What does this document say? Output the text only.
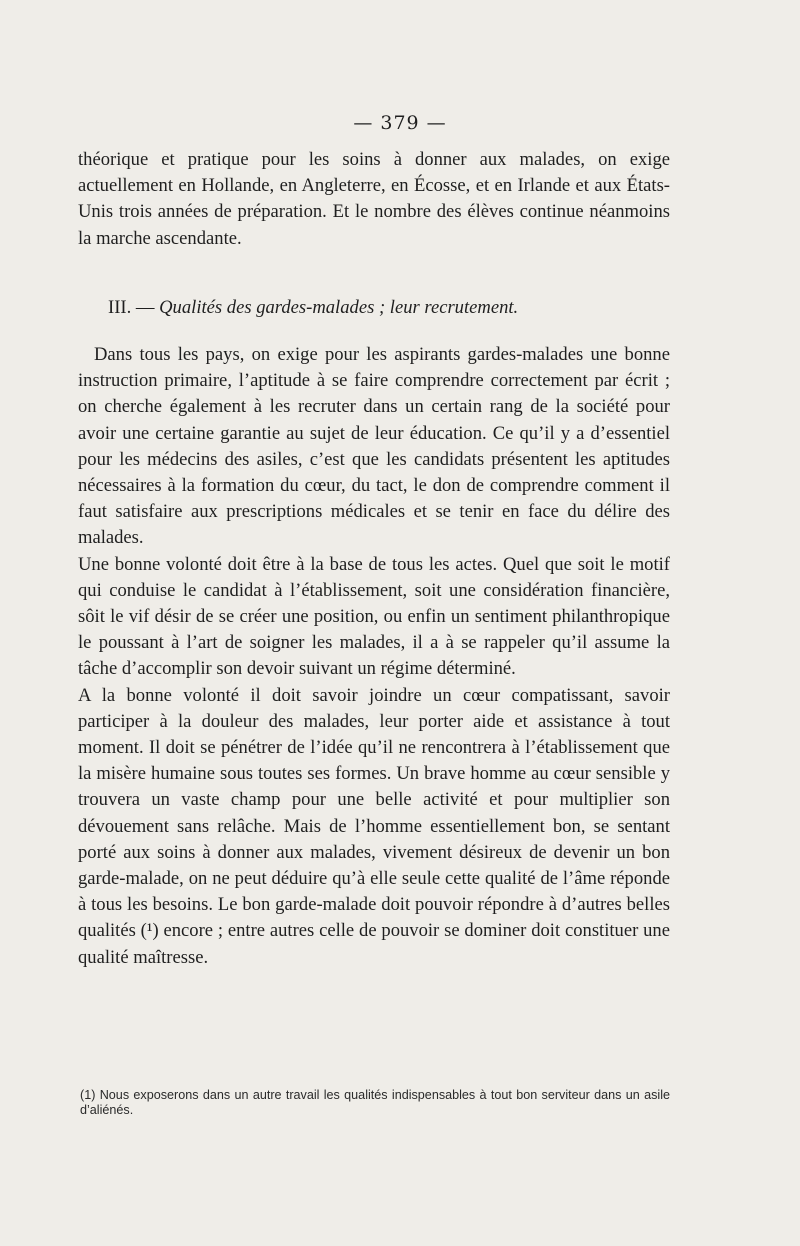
— 379 —

théorique et pratique pour les soins à donner aux malades, on exige actuellement en Hollande, en Angleterre, en Écosse, et en Irlande et aux États-Unis trois années de préparation. Et le nombre des élèves continue néanmoins la marche ascendante.

III. — Qualités des gardes-malades ; leur recrutement.

Dans tous les pays, on exige pour les aspirants gardes-malades une bonne instruction primaire, l’aptitude à se faire comprendre correctement par écrit ; on cherche également à les recruter dans un certain rang de la société pour avoir une certaine garantie au sujet de leur éducation. Ce qu’il y a d’essentiel pour les médecins des asiles, c’est que les candidats présentent les aptitudes nécessaires à la formation du cœur, du tact, le don de comprendre comment il faut satisfaire aux prescriptions médicales et se tenir en face du délire des malades.

Une bonne volonté doit être à la base de tous les actes. Quel que soit le motif qui conduise le candidat à l’établissement, soit une considération financière, sôit le vif désir de se créer une position, ou enfin un sentiment philanthropique le poussant à l’art de soigner les malades, il a à se rappeler qu’il assume la tâche d’accomplir son devoir suivant un régime déterminé.

A la bonne volonté il doit savoir joindre un cœur compatissant, savoir participer à la douleur des malades, leur porter aide et assistance à tout moment. Il doit se pénétrer de l’idée qu’il ne rencontrera à l’établissement que la misère humaine sous toutes ses formes. Un brave homme au cœur sensible y trouvera un vaste champ pour une belle activité et pour multiplier son dévouement sans relâche. Mais de l’homme essentiellement bon, se sentant porté aux soins à donner aux malades, vivement désireux de devenir un bon garde-malade, on ne peut déduire qu’à elle seule cette qualité de l’âme réponde à tous les besoins. Le bon garde-malade doit pouvoir répondre à d’autres belles qualités (¹) encore ; entre autres celle de pouvoir se dominer doit constituer une qualité maîtresse.

(1) Nous exposerons dans un autre travail les qualités indispensables à tout bon serviteur dans un asile d’aliénés.
